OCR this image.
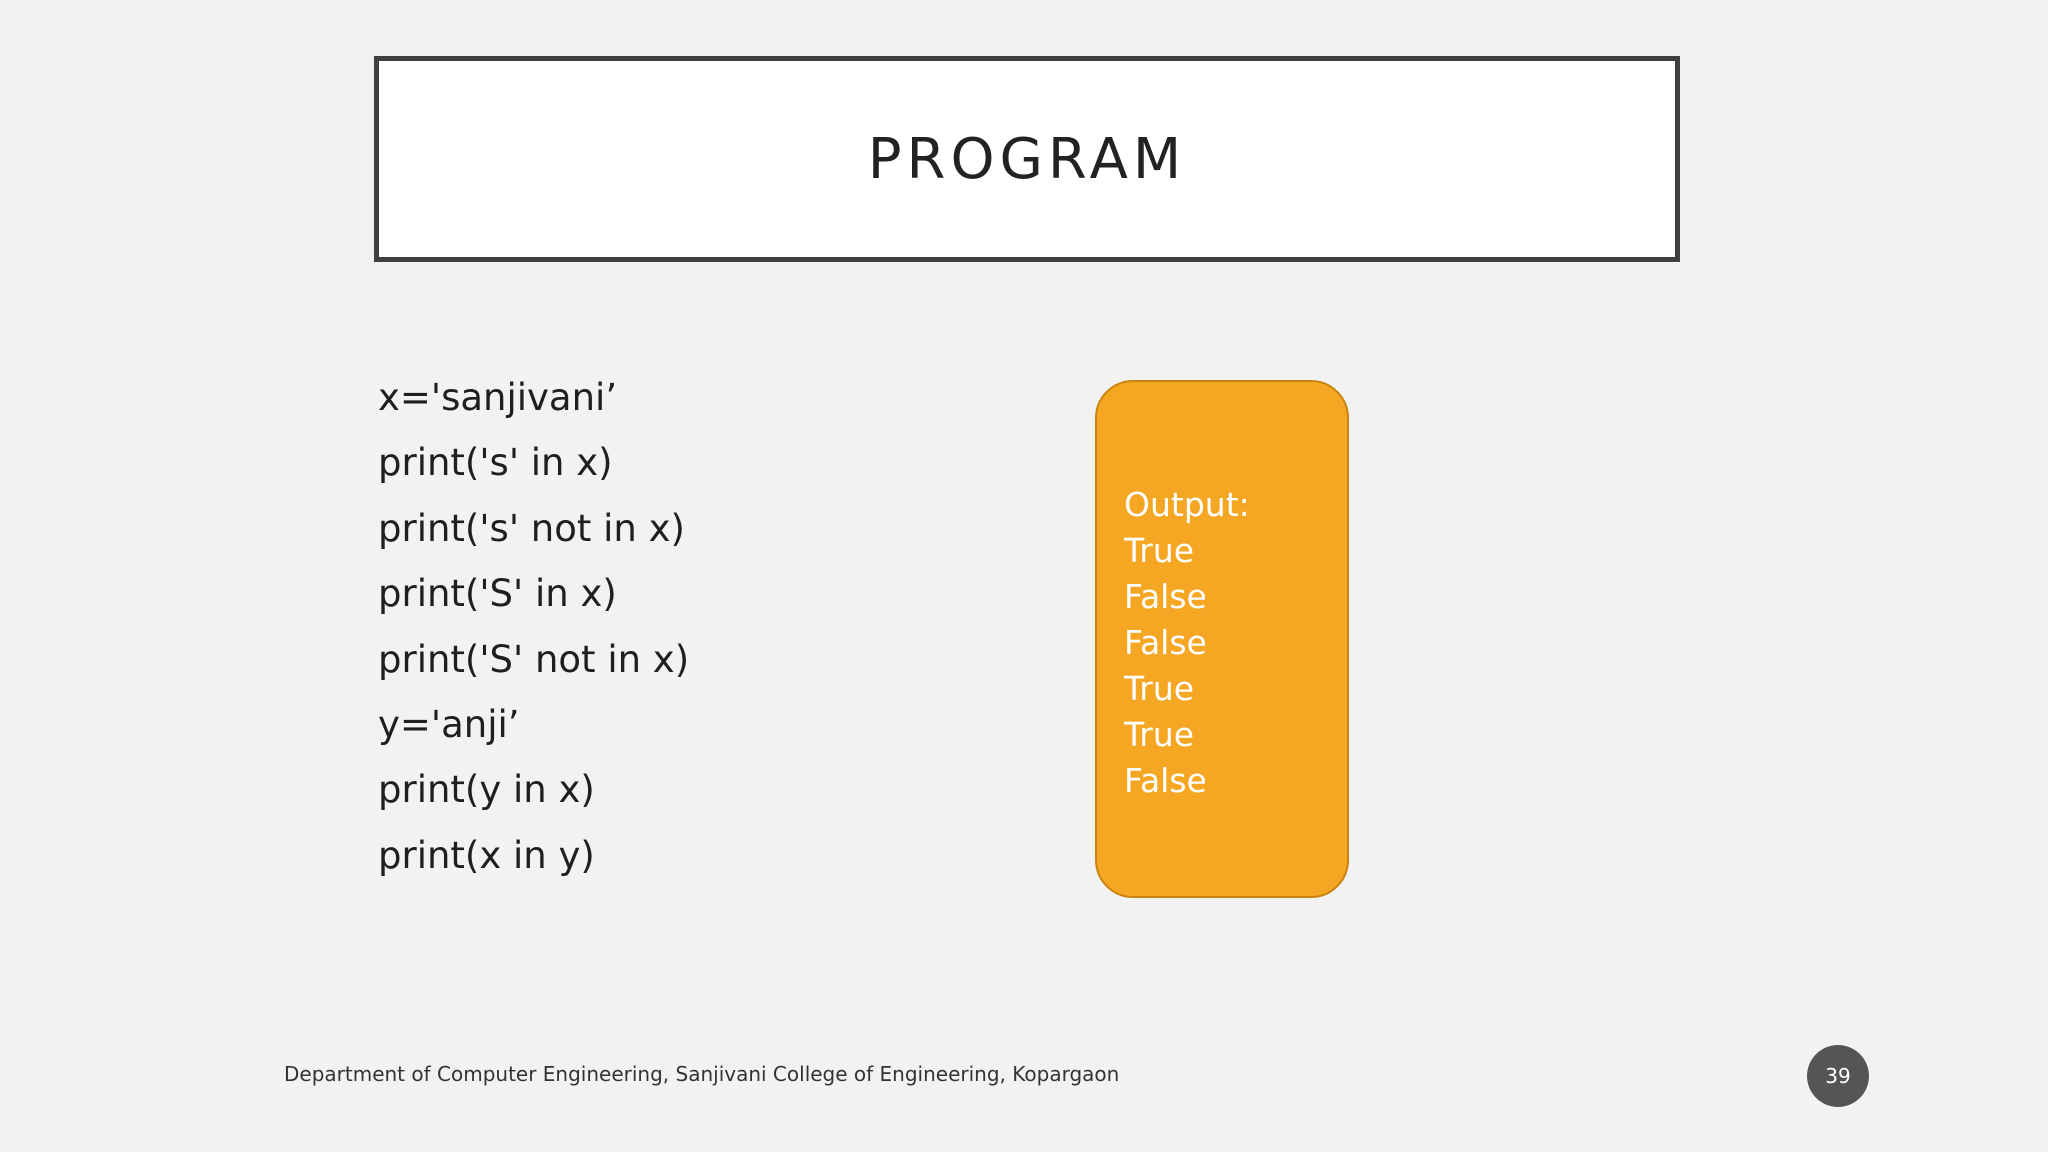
PROGRAM
x='sanjivani’
print('s' in x)
print('s' not in x)
print('S' in x)
print('S' not in x)
y='anji’
print(y in x)
print(x in y)
Output:
True
False
False
True
True
False
Department of Computer Engineering, Sanjivani College of Engineering, Kopargaon	39
